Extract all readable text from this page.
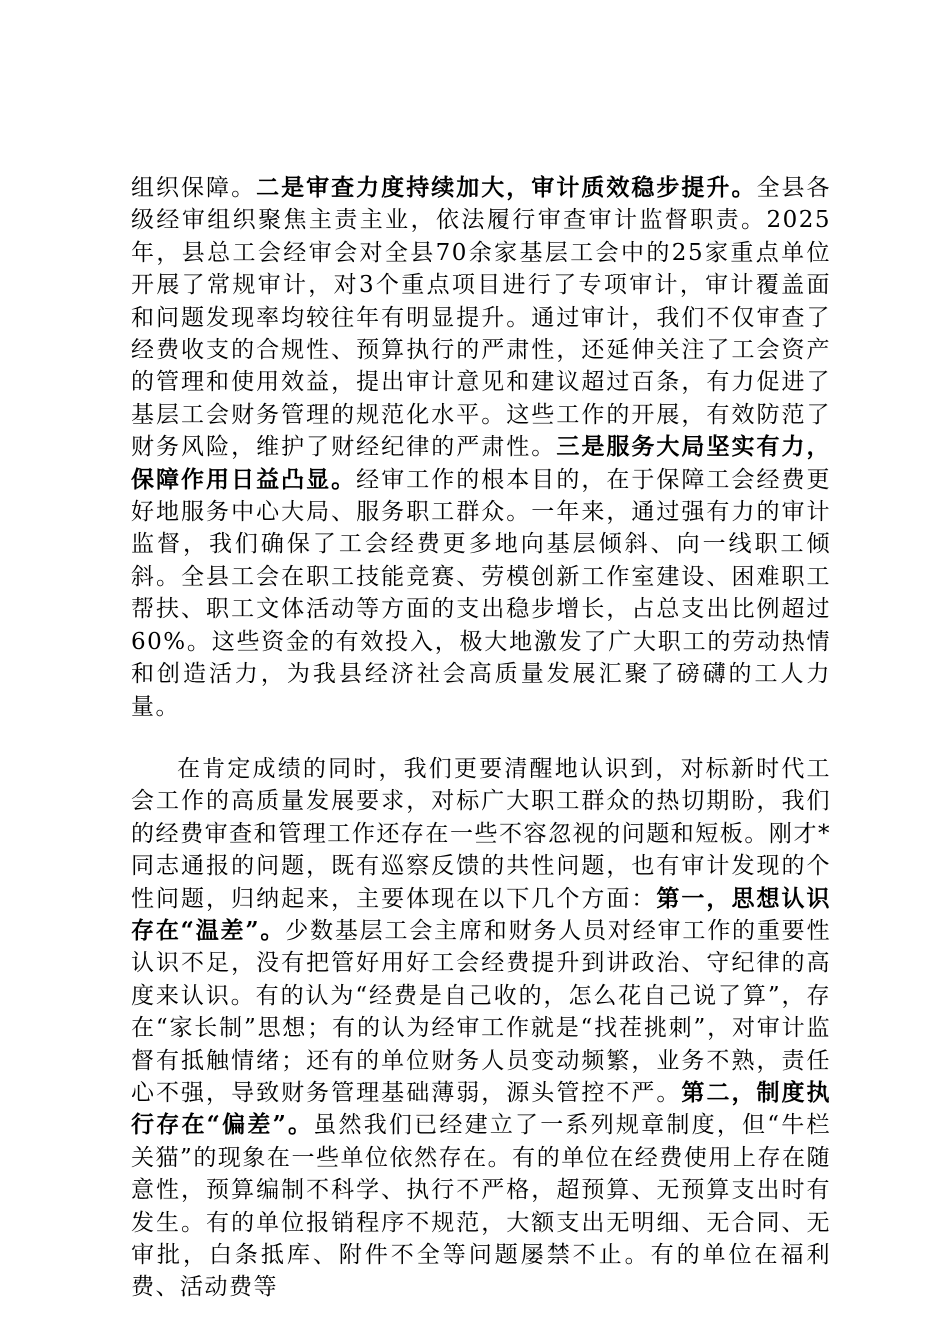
组织保障。二是审查力度持续加大，审计质效稳步提升。全县各级经审组织聚焦主责主业，依法履行审查审计监督职责。2025年，县总工会经审会对全县70余家基层工会中的25家重点单位开展了常规审计，对3个重点项目进行了专项审计，审计覆盖面和问题发现率均较往年有明显提升。通过审计，我们不仅审查了经费收支的合规性、预算执行的严肃性，还延伸关注了工会资产的管理和使用效益，提出审计意见和建议超过百条，有力促进了基层工会财务管理的规范化水平。这些工作的开展，有效防范了财务风险，维护了财经纪律的严肃性。三是服务大局坚实有力，保障作用日益凸显。经审工作的根本目的，在于保障工会经费更好地服务中心大局、服务职工群众。一年来，通过强有力的审计监督，我们确保了工会经费更多地向基层倾斜、向一线职工倾斜。全县工会在职工技能竞赛、劳模创新工作室建设、困难职工帮扶、职工文体活动等方面的支出稳步增长，占总支出比例超过60%。这些资金的有效投入，极大地激发了广大职工的劳动热情和创造活力，为我县经济社会高质量发展汇聚了磅礴的工人力量。

在肯定成绩的同时，我们更要清醒地认识到，对标新时代工会工作的高质量发展要求，对标广大职工群众的热切期盼，我们的经费审查和管理工作还存在一些不容忽视的问题和短板。刚才*同志通报的问题，既有巡察反馈的共性问题，也有审计发现的个性问题，归纳起来，主要体现在以下几个方面：第一，思想认识存在“温差”。少数基层工会主席和财务人员对经审工作的重要性认识不足，没有把管好用好工会经费提升到讲政治、守纪律的高度来认识。有的认为“经费是自己收的，怎么花自己说了算”，存在“家长制”思想；有的认为经审工作就是“找茬挑刺”，对审计监督有抵触情绪；还有的单位财务人员变动频繁，业务不熟，责任心不强，导致财务管理基础薄弱，源头管控不严。第二，制度执行存在“偏差”。虽然我们已经建立了一系列规章制度，但“牛栏关猫”的现象在一些单位依然存在。有的单位在经费使用上存在随意性，预算编制不科学、执行不严格，超预算、无预算支出时有发生。有的单位报销程序不规范，大额支出无明细、无合同、无审批，白条抵库、附件不全等问题屡禁不止。有的单位在福利费、活动费等
